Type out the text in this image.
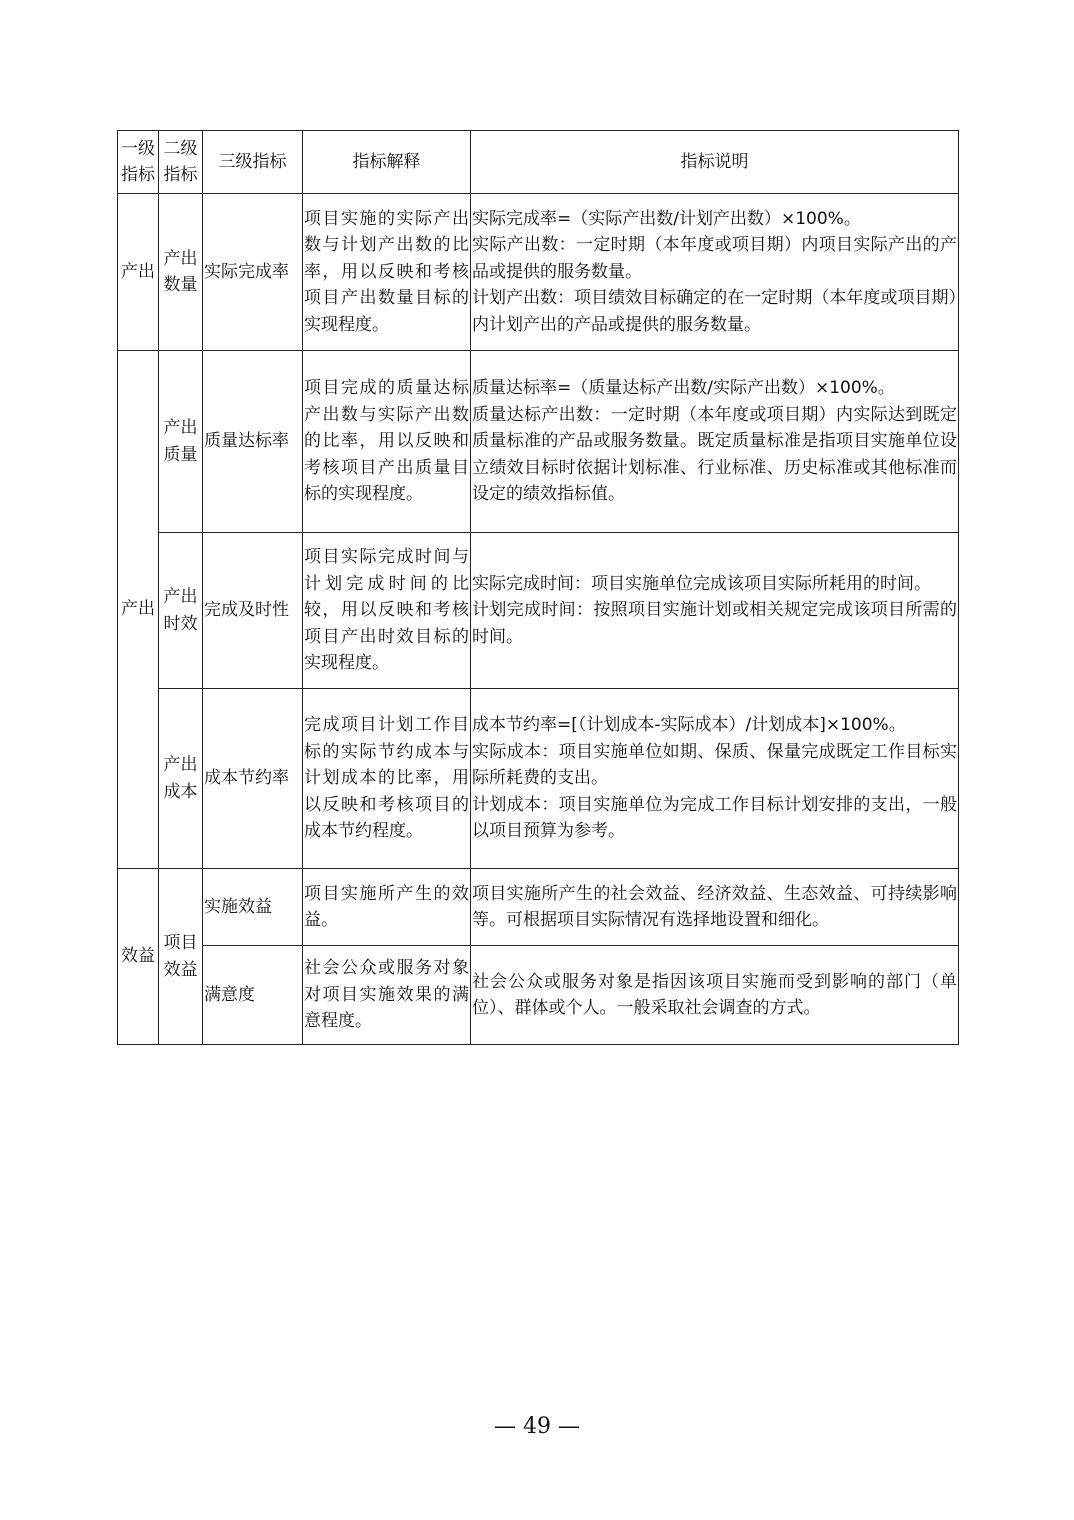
一级指标	二级指标	三级指标	指标解释	指标说明
产出	产出数量	实际完成率	项目实施的实际产出数与计划产出数的比率，用以反映和考核项目产出数量目标的实现程度。	实际完成率=（实际产出数/计划产出数）×100%。
实际产出数：一定时期（本年度或项目期）内项目实际产出的产品或提供的服务数量。
计划产出数：项目绩效目标确定的在一定时期（本年度或项目期）内计划产出的产品或提供的服务数量。

产出	产出质量	质量达标率	项目完成的质量达标产出数与实际产出数的比率，用以反映和考核项目产出质量目标的实现程度。	质量达标率=（质量达标产出数/实际产出数）×100%。
质量达标产出数：一定时期（本年度或项目期）内实际达到既定质量标准的产品或服务数量。既定质量标准是指项目实施单位设立绩效目标时依据计划标准、行业标准、历史标准或其他标准而设定的绩效指标值。

	产出时效	完成及时性	项目实际完成时间与计划完成时间的比较，用以反映和考核项目产出时效目标的实现程度。	实际完成时间：项目实施单位完成该项目实际所耗用的时间。
计划完成时间：按照项目实施计划或相关规定完成该项目所需的时间。

	产出成本	成本节约率	完成项目计划工作目标的实际节约成本与计划成本的比率，用以反映和考核项目的成本节约程度。	成本节约率=[（计划成本-实际成本）/计划成本]×100%。
实际成本：项目实施单位如期、保质、保量完成既定工作目标实际所耗费的支出。
计划成本：项目实施单位为完成工作目标计划安排的支出，一般以项目预算为参考。

效益	项目效益	实施效益	项目实施所产生的效益。	项目实施所产生的社会效益、经济效益、生态效益、可持续影响等。可根据项目实际情况有选择地设置和细化。

		满意度	社会公众或服务对象对项目实施效果的满意程度。	社会公众或服务对象是指因该项目实施而受到影响的部门（单位）、群体或个人。一般采取社会调查的方式。
— 49 —
